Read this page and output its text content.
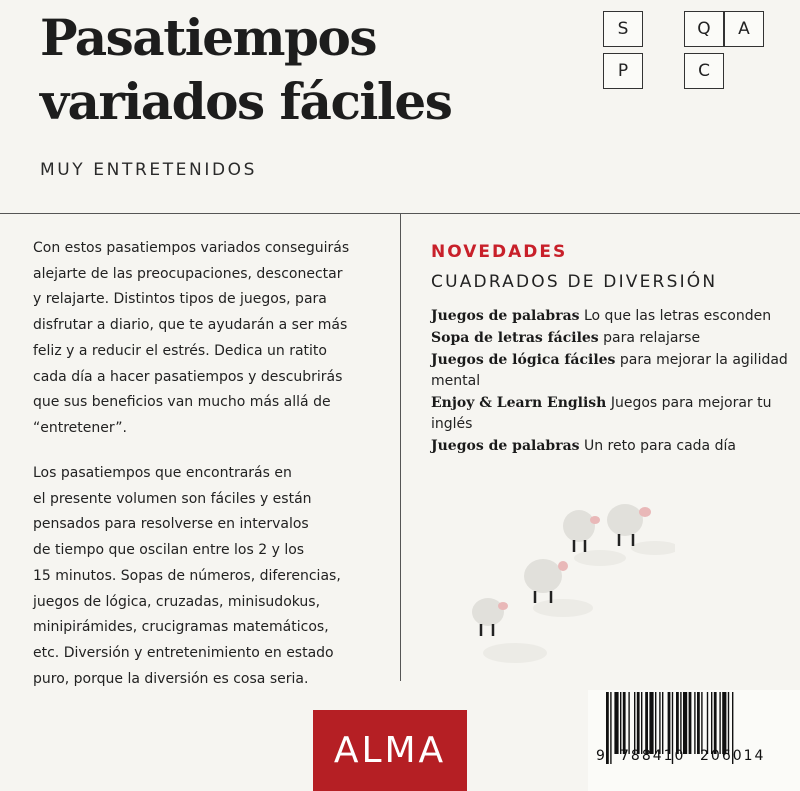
Pasatiempos
variados fáciles
MUY ENTRETENIDOS
S	Q	A
P	C

Con estos pasatiempos variados conseguirás
alejarte de las preocupaciones, desconectar
y relajarte. Distintos tipos de juegos, para
disfrutar a diario, que te ayudarán a ser más
feliz y a reducir el estrés. Dedica un ratito
cada día a hacer pasatiempos y descubrirás
que sus beneficios van mucho más allá de
“entretener”.

Los pasatiempos que encontrarás en
el presente volumen son fáciles y están
pensados para resolverse en intervalos
de tiempo que oscilan entre los 2 y los
15 minutos. Sopas de números, diferencias,
juegos de lógica, cruzadas, minisudokus,
minipirámides, crucigramas matemáticos,
etc. Diversión y entretenimiento en estado
puro, porque la diversión es cosa seria.

NOVEDADES
CUADRADOS DE DIVERSIÓN
Juegos de palabras Lo que las letras esconden
Sopa de letras fáciles para relajarse
Juegos de lógica fáciles para mejorar la agilidad mental
Enjoy & Learn English Juegos para mejorar tu inglés
Juegos de palabras Un reto para cada día
ALMA	9 788410 206014
